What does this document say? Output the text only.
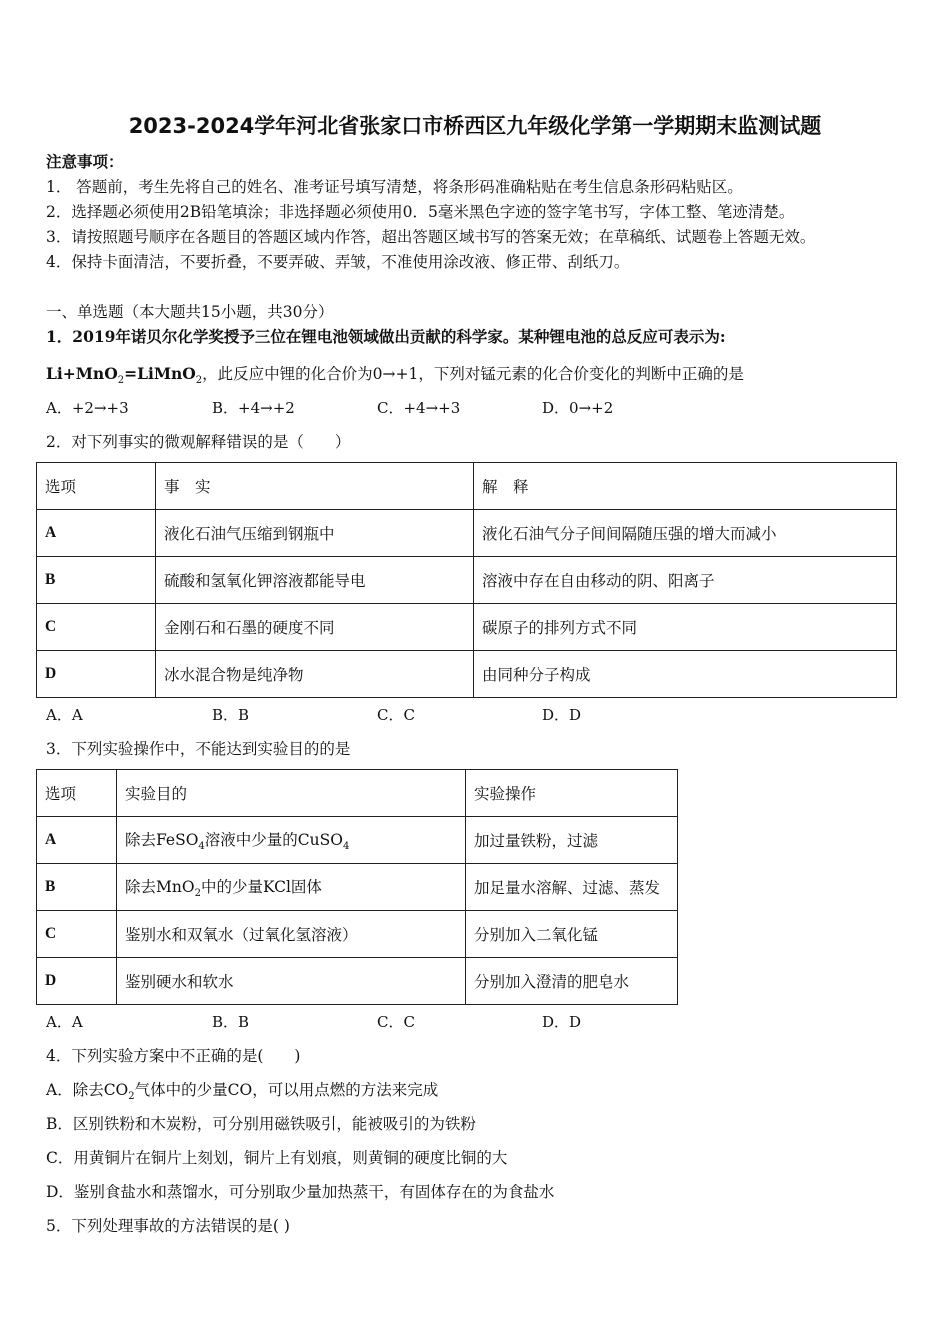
2023-2024学年河北省张家口市桥西区九年级化学第一学期期末监测试题
注意事项：
1． 答题前，考生先将自己的姓名、准考证号填写清楚，将条形码准确粘贴在考生信息条形码粘贴区。
2．选择题必须使用2B铅笔填涂；非选择题必须使用0．5毫米黑色字迹的签字笔书写，字体工整、笔迹清楚。
3．请按照题号顺序在各题目的答题区域内作答，超出答题区域书写的答案无效；在草稿纸、试题卷上答题无效。
4．保持卡面清洁，不要折叠，不要弄破、弄皱，不准使用涂改液、修正带、刮纸刀。
一、单选题（本大题共15小题，共30分）
1．2019年诺贝尔化学奖授予三位在锂电池领域做出贡献的科学家。某种锂电池的总反应可表示为:
Li+MnO$_2$=LiMnO$_2$，此反应中锂的化合价为0→+1，下列对锰元素的化合价变化的判断中正确的是
A．+2→+3	B．+4→+2	C．+4→+3	D．0→+2
2．对下列事实的微观解释错误的是（　　）
选项	事　实	解　释
A	液化石油气压缩到钢瓶中	液化石油气分子间间隔随压强的增大而减小
B	硫酸和氢氧化钾溶液都能导电	溶液中存在自由移动的阴、阳离子
C	金刚石和石墨的硬度不同	碳原子的排列方式不同
D	冰水混合物是纯净物	由同种分子构成
A．A	B．B	C．C	D．D
3．下列实验操作中，不能达到实验目的的是
选项	实验目的	实验操作
A	除去FeSO$_4$溶液中少量的CuSO$_4$	加过量铁粉，过滤
B	除去MnO$_2$中的少量KCl固体	加足量水溶解、过滤、蒸发
C	鉴别水和双氧水（过氧化氢溶液）	分别加入二氧化锰
D	鉴别硬水和软水	分别加入澄清的肥皂水
A．A	B．B	C．C	D．D
4．下列实验方案中不正确的是(　　)
A．除去$CO_2$气体中的少量CO，可以用点燃的方法来完成
B．区别铁粉和木炭粉，可分别用磁铁吸引，能被吸引的为铁粉
C．用黄铜片在铜片上刻划，铜片上有划痕，则黄铜的硬度比铜的大
D．鉴别食盐水和蒸馏水，可分别取少量加热蒸干，有固体存在的为食盐水
5．下列处理事故的方法错误的是( )
